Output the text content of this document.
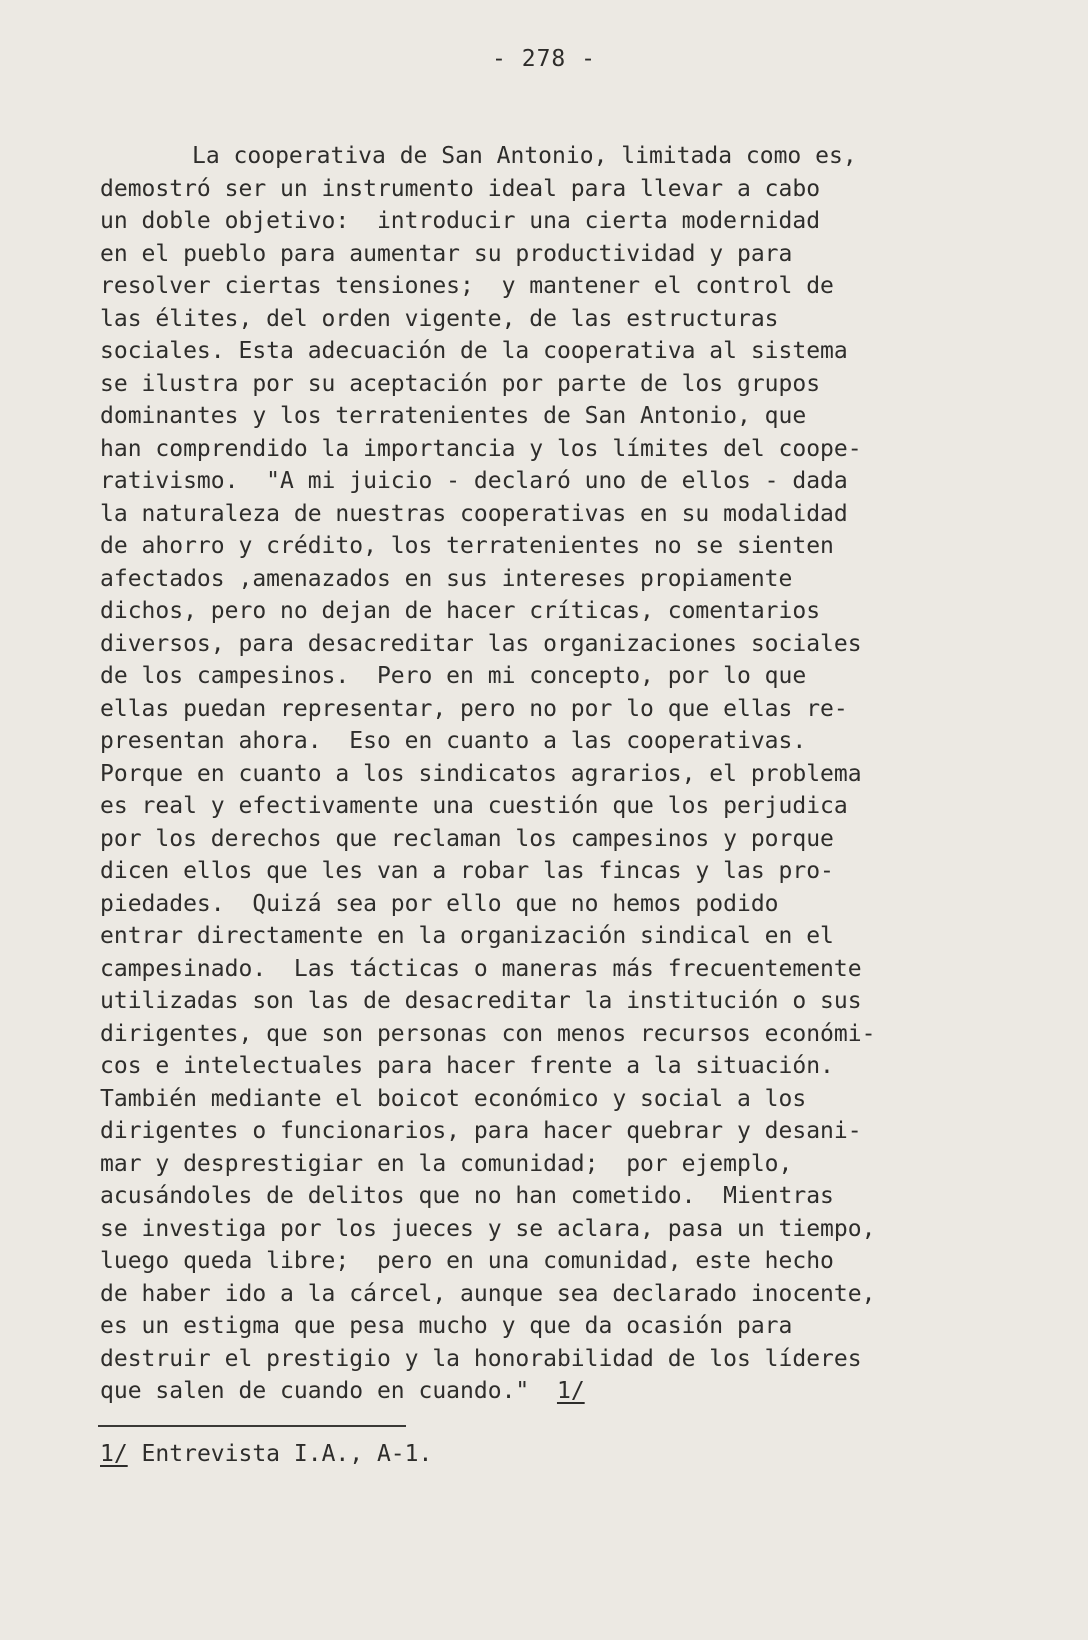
- 278 -
La cooperativa de San Antonio, limitada como es,
demostró ser un instrumento ideal para llevar a cabo
un doble objetivo:  introducir una cierta modernidad
en el pueblo para aumentar su productividad y para
resolver ciertas tensiones;  y mantener el control de
las élites, del orden vigente, de las estructuras
sociales. Esta adecuación de la cooperativa al sistema
se ilustra por su aceptación por parte de los grupos
dominantes y los terratenientes de San Antonio, que
han comprendido la importancia y los límites del coope-
rativismo.  "A mi juicio - declaró uno de ellos - dada
la naturaleza de nuestras cooperativas en su modalidad
de ahorro y crédito, los terratenientes no se sienten
afectados ,amenazados en sus intereses propiamente
dichos, pero no dejan de hacer críticas, comentarios
diversos, para desacreditar las organizaciones sociales
de los campesinos.  Pero en mi concepto, por lo que
ellas puedan representar, pero no por lo que ellas re-
presentan ahora.  Eso en cuanto a las cooperativas.
Porque en cuanto a los sindicatos agrarios, el problema
es real y efectivamente una cuestión que los perjudica
por los derechos que reclaman los campesinos y porque
dicen ellos que les van a robar las fincas y las pro-
piedades.  Quizá sea por ello que no hemos podido
entrar directamente en la organización sindical en el
campesinado.  Las tácticas o maneras más frecuentemente
utilizadas son las de desacreditar la institución o sus
dirigentes, que son personas con menos recursos económi-
cos e intelectuales para hacer frente a la situación.
También mediante el boicot económico y social a los
dirigentes o funcionarios, para hacer quebrar y desani-
mar y desprestigiar en la comunidad;  por ejemplo,
acusándoles de delitos que no han cometido.  Mientras
se investiga por los jueces y se aclara, pasa un tiempo,
luego queda libre;  pero en una comunidad, este hecho
de haber ido a la cárcel, aunque sea declarado inocente,
es un estigma que pesa mucho y que da ocasión para
destruir el prestigio y la honorabilidad de los líderes
que salen de cuando en cuando."  1/
1/ Entrevista I.A., A-1.
